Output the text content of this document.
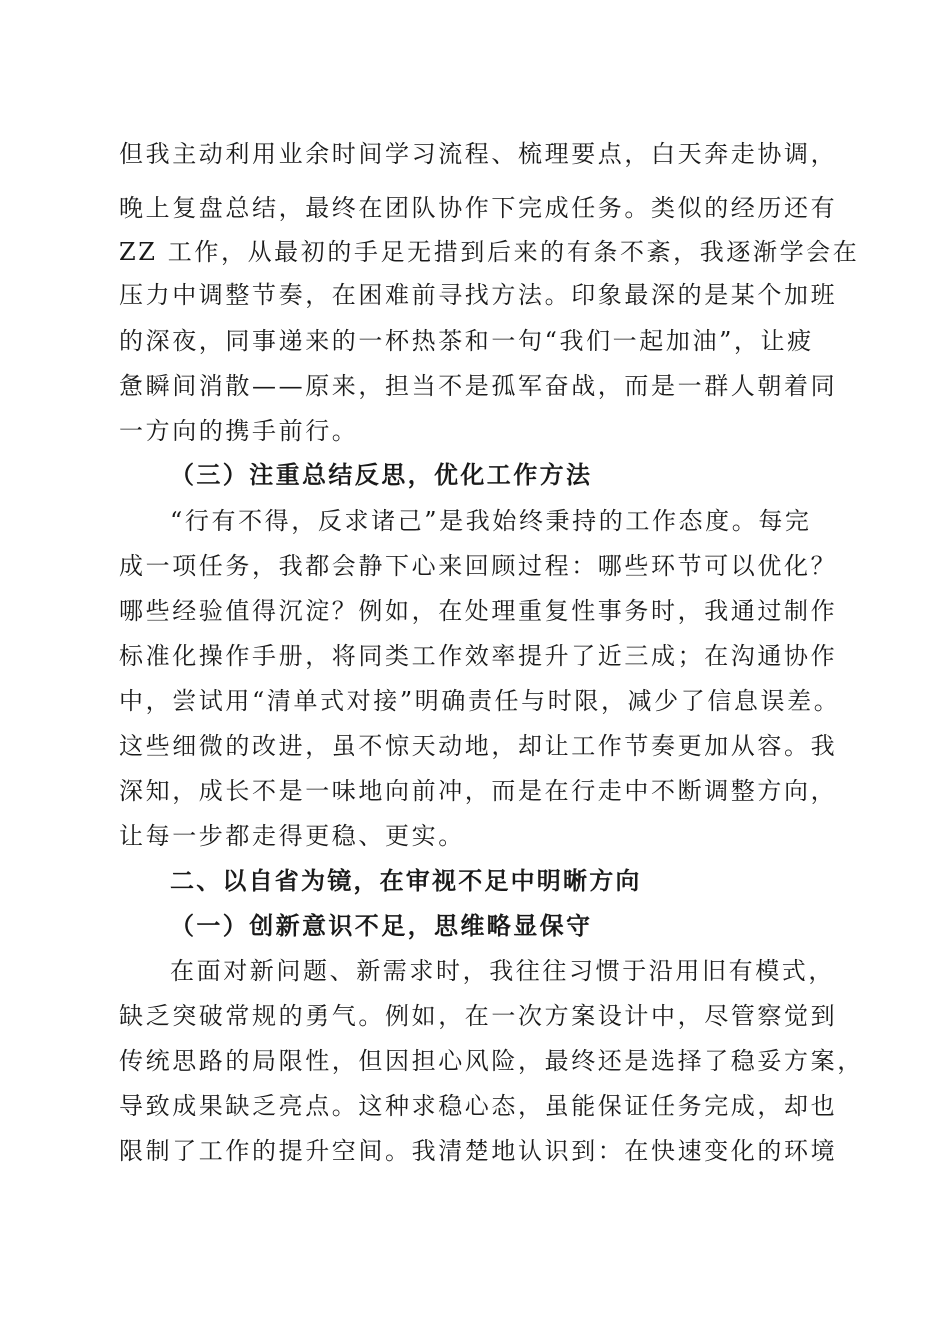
但我主动利用业余时间学习流程、梳理要点，白天奔走协调，
晚上复盘总结，最终在团队协作下完成任务。类似的经历还有
ZZ 工作，从最初的手足无措到后来的有条不紊，我逐渐学会在
压力中调整节奏，在困难前寻找方法。印象最深的是某个加班
的深夜，同事递来的一杯热茶和一句“我们一起加油”，让疲
惫瞬间消散——原来，担当不是孤军奋战，而是一群人朝着同
一方向的携手前行。
（三）注重总结反思，优化工作方法
“行有不得，反求诸己”是我始终秉持的工作态度。每完
成一项任务，我都会静下心来回顾过程：哪些环节可以优化？
哪些经验值得沉淀？例如，在处理重复性事务时，我通过制作
标准化操作手册，将同类工作效率提升了近三成；在沟通协作
中，尝试用“清单式对接”明确责任与时限，减少了信息误差。
这些细微的改进，虽不惊天动地，却让工作节奏更加从容。我
深知，成长不是一味地向前冲，而是在行走中不断调整方向，
让每一步都走得更稳、更实。
二、以自省为镜，在审视不足中明晰方向
（一）创新意识不足，思维略显保守
在面对新问题、新需求时，我往往习惯于沿用旧有模式，
缺乏突破常规的勇气。例如，在一次方案设计中，尽管察觉到
传统思路的局限性，但因担心风险，最终还是选择了稳妥方案，
导致成果缺乏亮点。这种求稳心态，虽能保证任务完成，却也
限制了工作的提升空间。我清楚地认识到：在快速变化的环境
